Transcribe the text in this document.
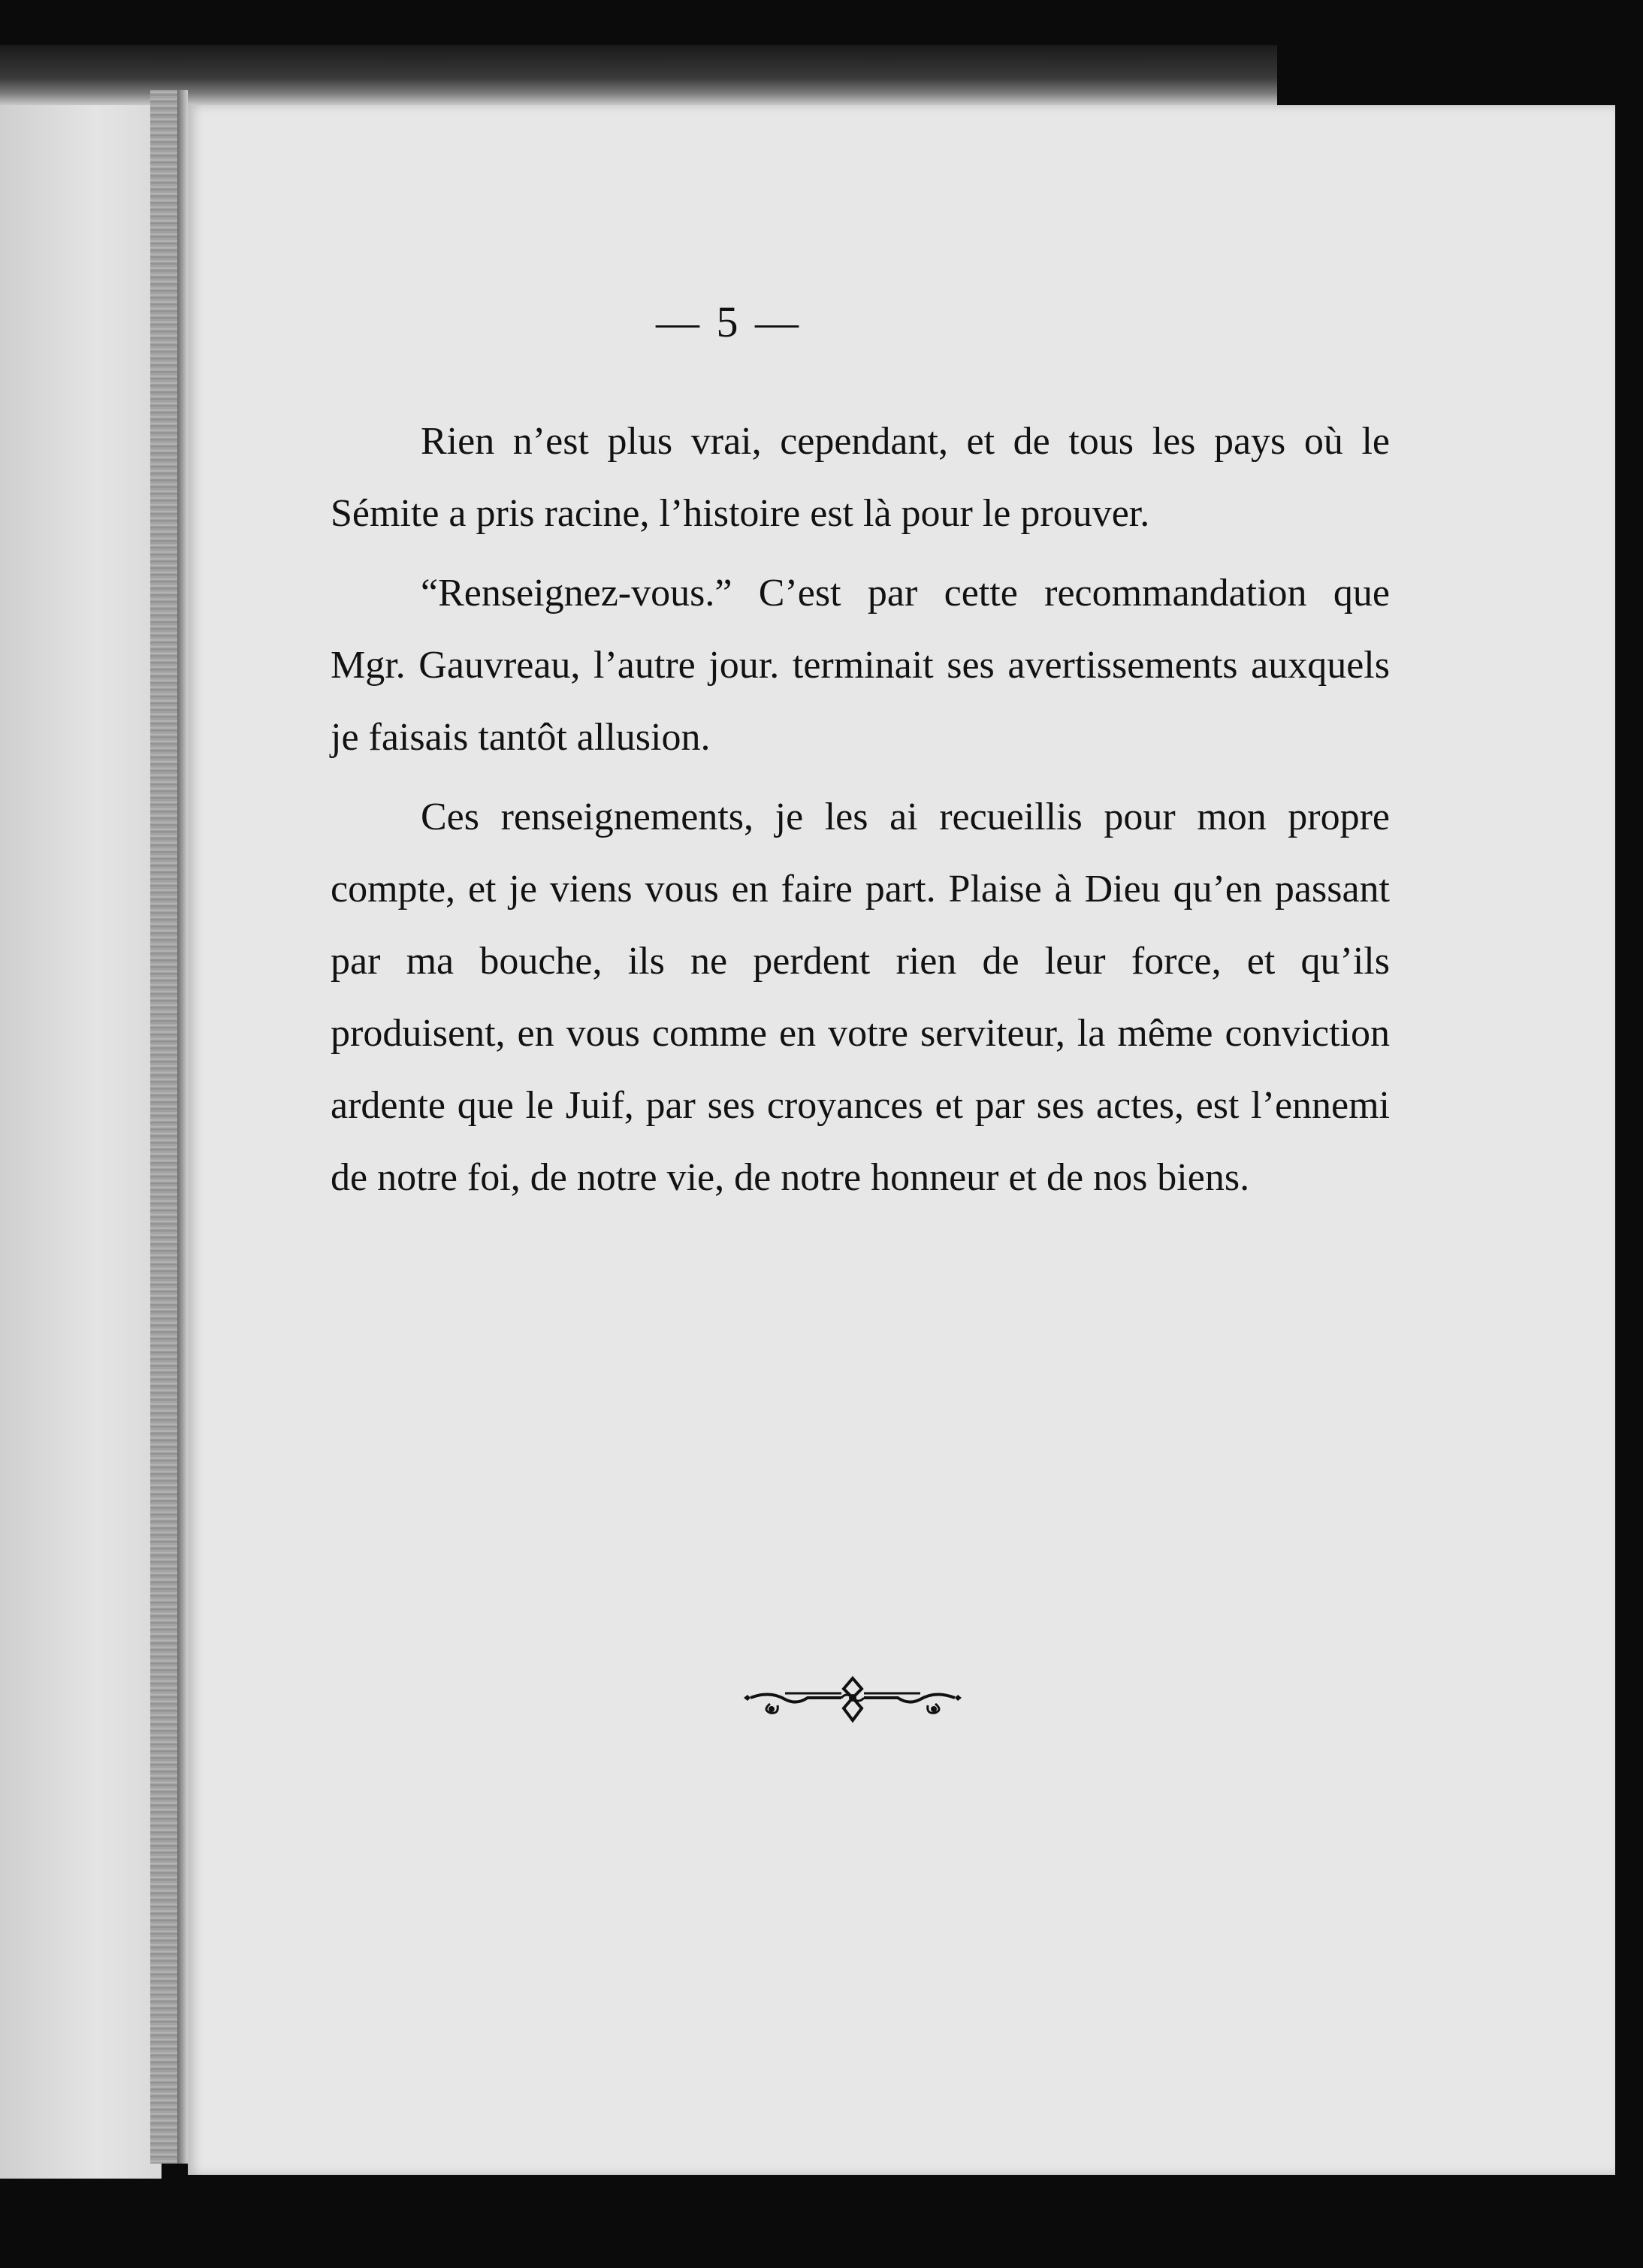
— 5 —

Rien n’est plus vrai, cependant, et de tous les pays où le Sémite a pris racine, l’histoire est là pour le prouver.

“Renseignez-vous.” C’est par cette recommandation que Mgr. Gauvreau, l’autre jour. terminait ses avertissements auxquels je faisais tantôt allusion.

Ces renseignements, je les ai recueillis pour mon propre compte, et je viens vous en faire part. Plaise à Dieu qu’en passant par ma bouche, ils ne perdent rien de leur force, et qu’ils produisent, en vous comme en votre serviteur, la même conviction ardente que le Juif, par ses croyances et par ses actes, est l’ennemi de notre foi, de notre vie, de notre honneur et de nos biens.
